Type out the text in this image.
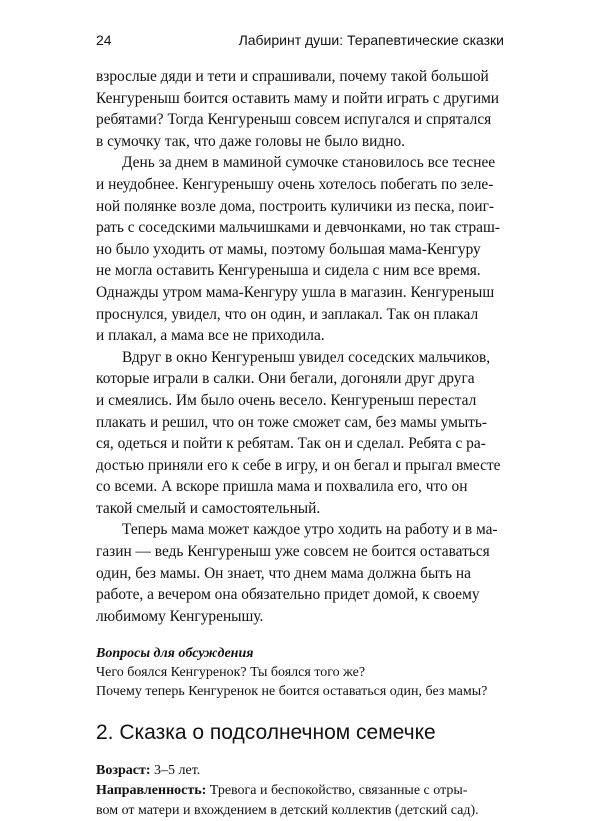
24	Лабиринт души: Терапевтические сказки
взрослые дяди и тети и спрашивали, почему такой большой
Кенгуреныш боится оставить маму и пойти играть с другими
ребятами? Тогда Кенгуреныш совсем испугался и спрятался
в сумочку так, что даже головы не было видно.
День за днем в маминой сумочке становилось все теснее
и неудобнее. Кенгуренышу очень хотелось побегать по зеле-
ной полянке возле дома, построить куличики из песка, поиг-
рать с соседскими мальчишками и девчонками, но так страш-
но было уходить от мамы, поэтому большая мама-Кенгуру
не могла оставить Кенгуреныша и сидела с ним все время.
Однажды утром мама-Кенгуру ушла в магазин. Кенгуреныш
проснулся, увидел, что он один, и заплакал. Так он плакал
и плакал, а мама все не приходила.
Вдруг в окно Кенгуреныш увидел соседских мальчиков,
которые играли в салки. Они бегали, догоняли друг друга
и смеялись. Им было очень весело. Кенгуреныш перестал
плакать и решил, что он тоже сможет сам, без мамы умыть-
ся, одеться и пойти к ребятам. Так он и сделал. Ребята с ра-
достью приняли его к себе в игру, и он бегал и прыгал вместе
со всеми. А вскоре пришла мама и похвалила его, что он
такой смелый и самостоятельный.
Теперь мама может каждое утро ходить на работу и в ма-
газин — ведь Кенгуреныш уже совсем не боится оставаться
один, без мамы. Он знает, что днем мама должна быть на
работе, а вечером она обязательно придет домой, к своему
любимому Кенгуренышу.
Вопросы для обсуждения
Чего боялся Кенгуренок? Ты боялся того же?
Почему теперь Кенгуренок не боится оставаться один, без мамы?
2. Сказка о подсолнечном семечке
Возраст: 3–5 лет.
Направленность: Тревога и беспокойство, связанные с отры-
вом от матери и вхождением в детский коллектив (детский сад).
